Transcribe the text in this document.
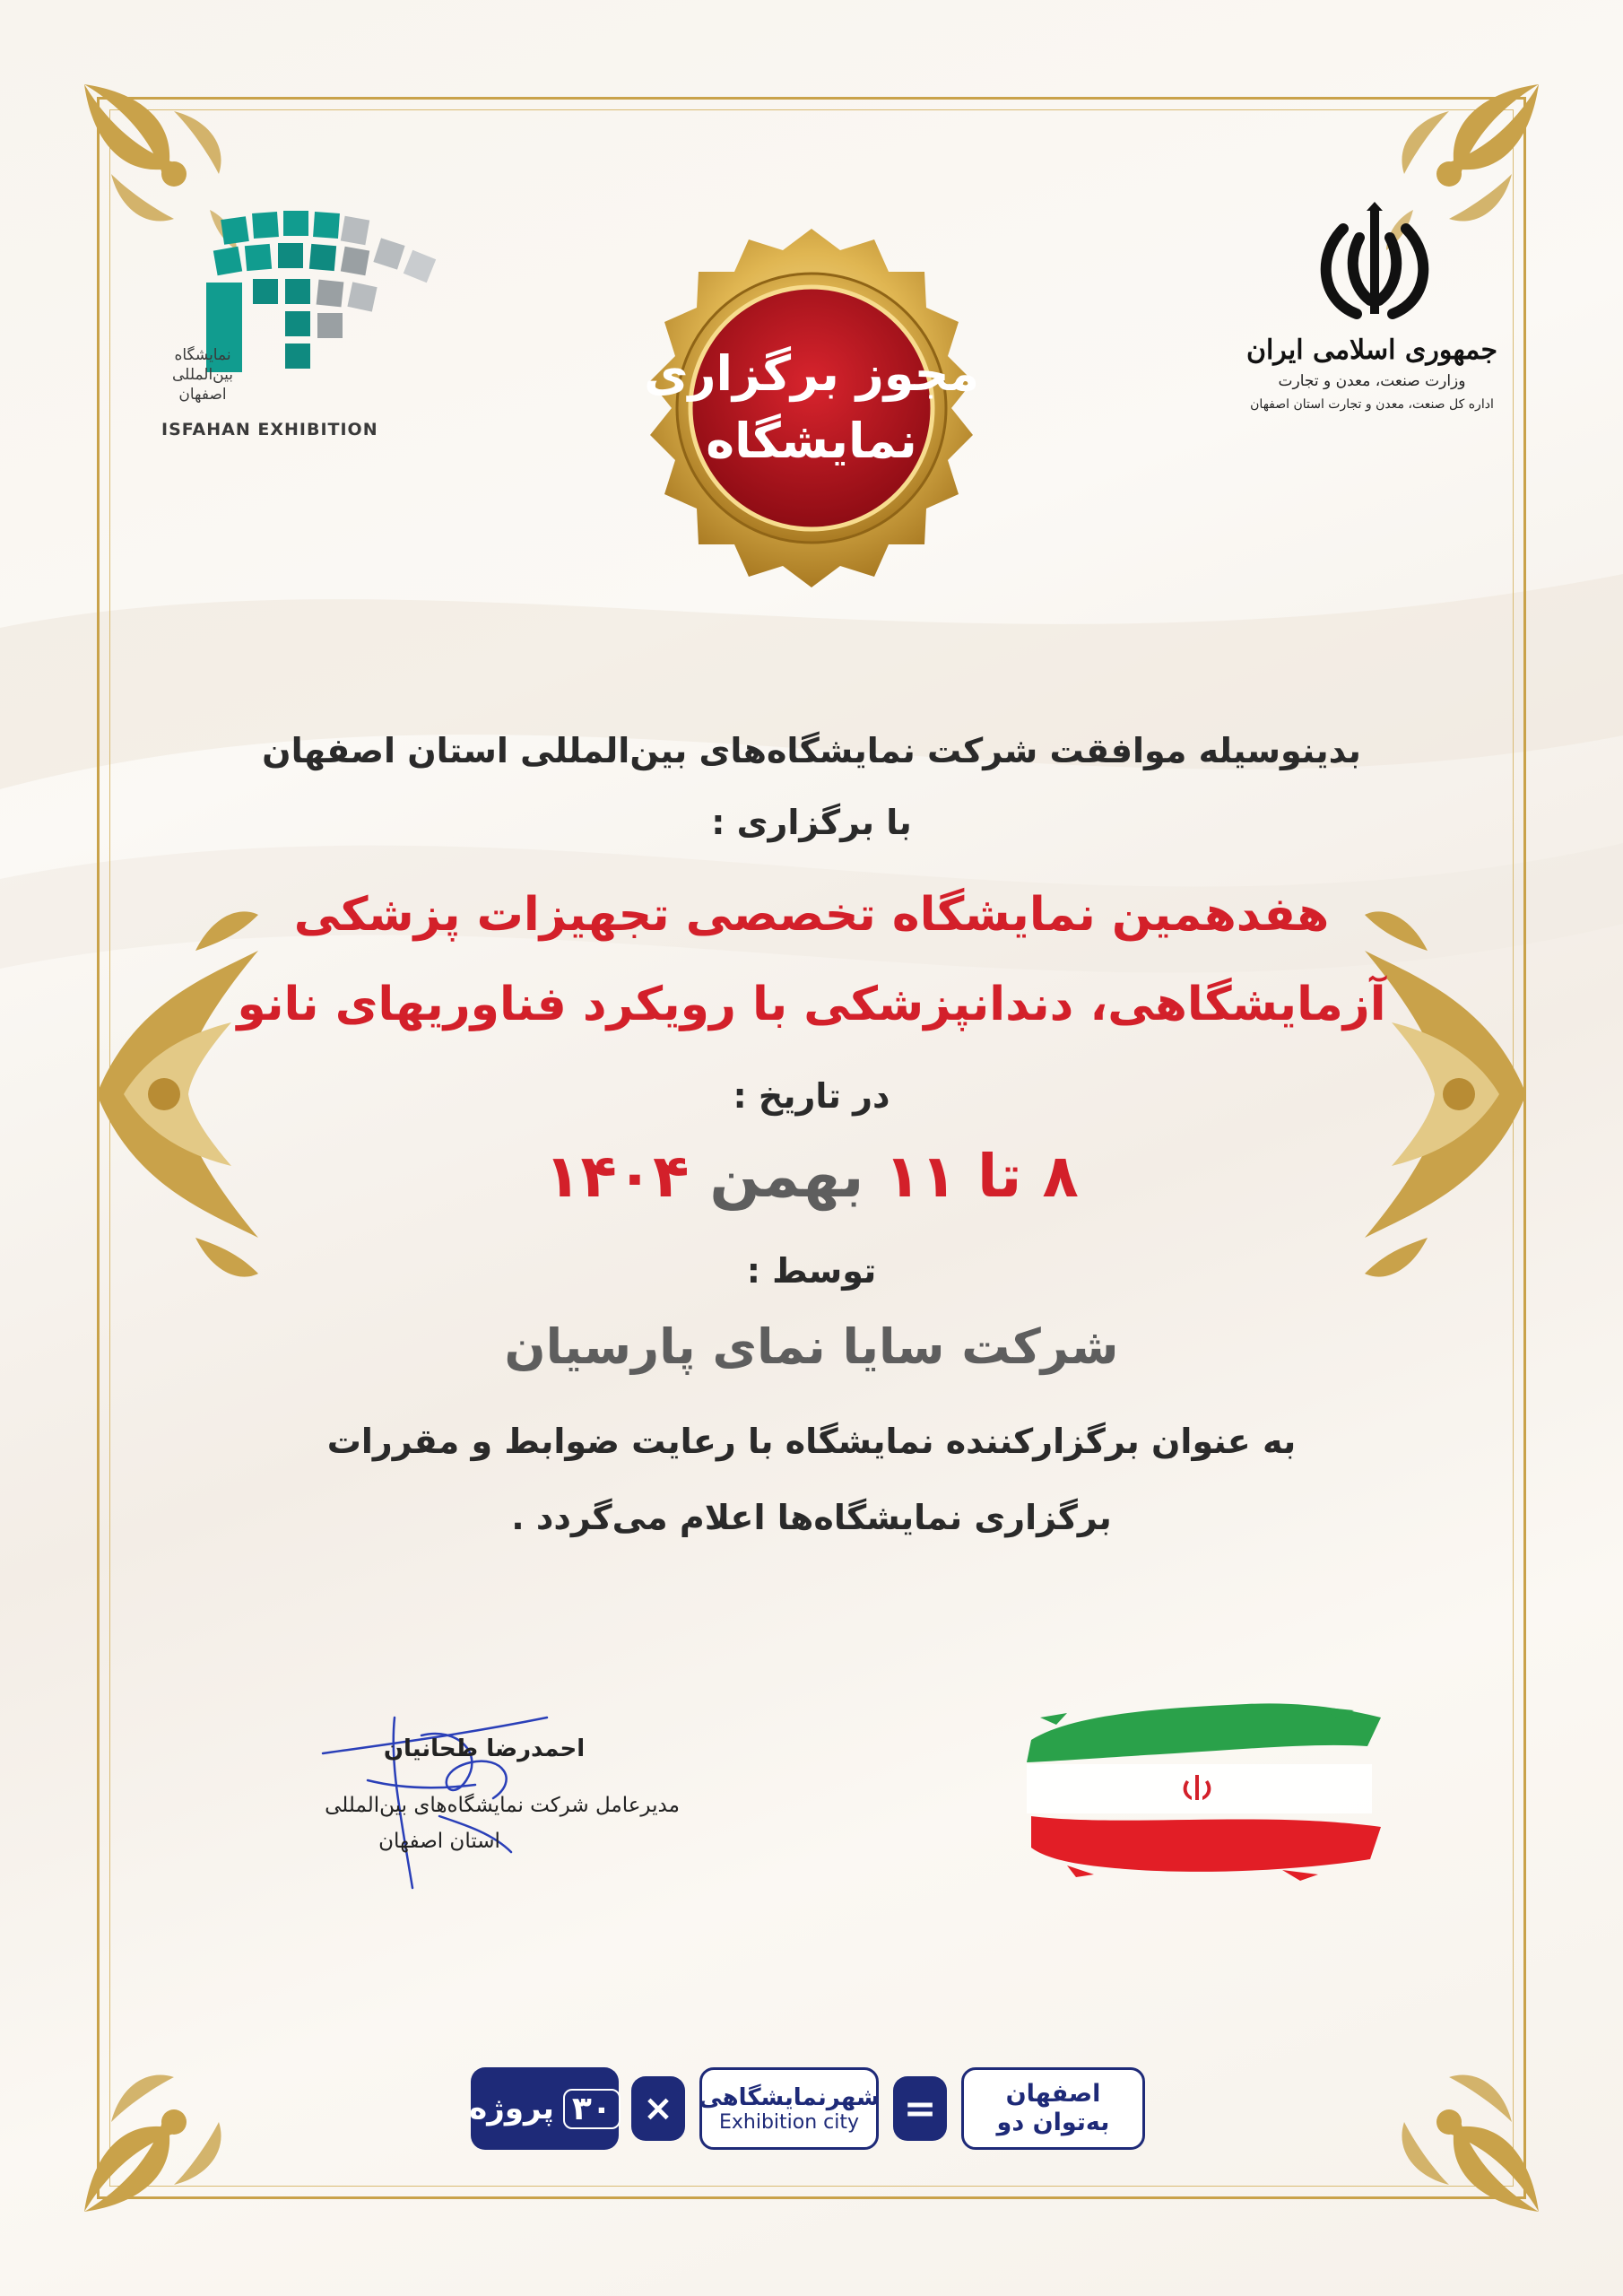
نمایشگاه
بین‌المللی
اصفهان
ISFAHAN EXHIBITION
مجوز برگزاری
نمایشگاه
جمهوری اسلامی ایران
وزارت صنعت، معدن و تجارت
اداره کل صنعت، معدن و تجارت استان اصفهان
بدینوسیله موافقت شرکت نمایشگاه‌های بین‌المللی استان اصفهان
با برگزاری :
هفدهمین نمایشگاه تخصصی تجهیزات پزشکی
آزمایشگاهی، دندانپزشکی با رویکرد فناوریهای نانو
در تاریخ :
۸ تا ۱۱ بهمن ۱۴۰۴
توسط :
شرکت سایا نمای پارسیان
به عنوان برگزارکننده نمایشگاه با رعایت ضوابط و مقررات
برگزاری نمایشگاه‌ها اعلام می‌گردد .
احمدرضا طحانیان
مدیرعامل شرکت نمایشگاه‌های بین‌المللی
استان اصفهان
۳۰
پروژه	×	شهرنمایشگاهی
Exhibition city =	اصفهان به‌توان دو
